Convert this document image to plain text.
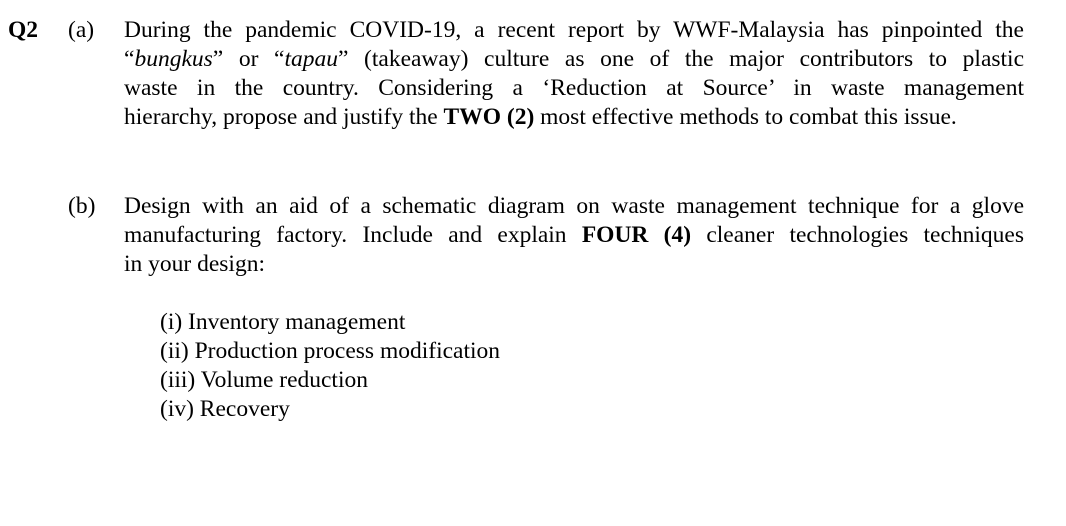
Q2 (a) During the pandemic COVID-19, a recent report by WWF-Malaysia has pinpointed the
“bungkus” or “tapau” (takeaway) culture as one of the major contributors to plastic
waste in the country. Considering a ‘Reduction at Source’ in waste management
hierarchy, propose and justify the TWO (2) most effective methods to combat this issue.
(b) Design with an aid of a schematic diagram on waste management technique for a glove
manufacturing factory. Include and explain FOUR (4) cleaner technologies techniques
in your design:
(i) Inventory management
(ii) Production process modification
(iii) Volume reduction
(iv) Recovery
